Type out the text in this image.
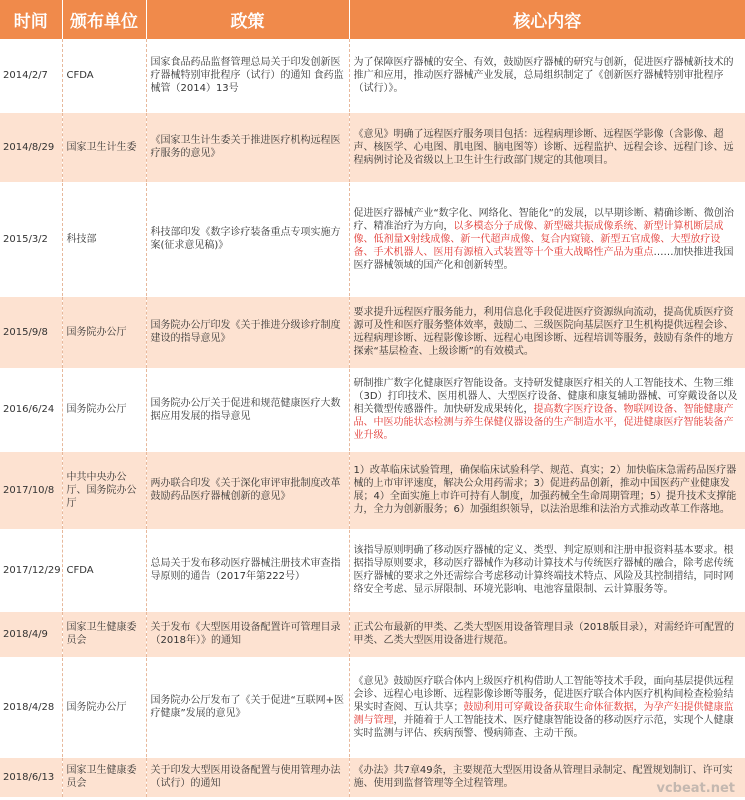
时间	颁布单位	政策	核心内容
2014/2/7	CFDA	国家食品药品监督管理总局关于印发创新医疗器械特别审批程序（试行）的通知 食药监械管（2014）13号	为了保障医疗器械的安全、有效，鼓励医疗器械的研究与创新，促进医疗器械新技术的推广和应用，推动医疗器械产业发展，总局组织制定了《创新医疗器械特别审批程序（试行）》。
2014/8/29	国家卫生计生委	《国家卫生计生委关于推进医疗机构远程医疗服务的意见》	《意见》明确了远程医疗服务项目包括：远程病理诊断、远程医学影像（含影像、超声、核医学、心电图、肌电图、脑电图等）诊断、远程监护、远程会诊、远程门诊、远程病例讨论及省级以上卫生计生行政部门规定的其他项目。
2015/3/2	科技部	科技部印发《数字诊疗装备重点专项实施方案(征求意见稿)》	促进医疗器械产业“数字化、网络化、智能化”的发展，以早期诊断、精确诊断、微创治疗、精准治疗为方向，以多模态分子成像、新型磁共振成像系统、新型计算机断层成像、低剂量X射线成像、新一代超声成像、复合内窥镜、新型五官成像、大型放疗设备、手术机器人、医用有源植入式装置等十个重大战略性产品为重点……加快推进我国医疗器械领域的国产化和创新转型。
2015/9/8	国务院办公厅	国务院办公厅印发《关于推进分级诊疗制度建设的指导意见》	要求提升远程医疗服务能力，利用信息化手段促进医疗资源纵向流动，提高优质医疗资源可及性和医疗服务整体效率，鼓励二、三级医院向基层医疗卫生机构提供远程会诊、远程病理诊断、远程影像诊断、远程心电图诊断、远程培训等服务，鼓励有条件的地方探索“基层检查、上级诊断”的有效模式。
2016/6/24	国务院办公厅	国务院办公厅关于促进和规范健康医疗大数据应用发展的指导意见	研制推广数字化健康医疗智能设备。支持研发健康医疗相关的人工智能技术、生物三维（3D）打印技术、医用机器人、大型医疗设备、健康和康复辅助器械、可穿戴设备以及相关微型传感器件。加快研发成果转化，提高数字医疗设备、物联网设备、智能健康产品、中医功能状态检测与养生保健仪器设备的生产制造水平，促进健康医疗智能装备产业升级。
2017/10/8	中共中央办公厅、国务院办公厅	两办联合印发《关于深化审评审批制度改革鼓励药品医疗器械创新的意见》	1）改革临床试验管理，确保临床试验科学、规范、真实；2）加快临床急需药品医疗器械的上市审评速度，解决公众用药需求；3）促进药品创新，推动中国医药产业健康发展；4）全面实施上市许可持有人制度，加强药械全生命周期管理；5）提升技术支撑能力，全力为创新服务；6）加强组织领导，以法治思维和法治方式推动改革工作落地。
2017/12/29	CFDA	总局关于发布移动医疗器械注册技术审查指导原则的通告（2017年第222号）	该指导原则明确了移动医疗器械的定义、类型、判定原则和注册申报资料基本要求。根据指导原则要求，移动医疗器械作为移动计算技术与传统医疗器械的融合，除考虑传统医疗器械的要求之外还需综合考虑移动计算终端技术特点、风险及其控制措结，同时网络安全考虑、显示屏限制、环境光影响、电池容量限制、云计算服务等。
2018/4/9	国家卫生健康委员会	关于发布《大型医用设备配置许可管理目录（2018年）》的通知	正式公布最新的甲类、乙类大型医用设备管理目录（2018版目录），对需经许可配置的甲类、乙类大型医用设备进行规范。
2018/4/28	国务院办公厅	国务院办公厅发布了《关于促进“互联网+医疗健康”发展的意见》	《意见》鼓励医疗联合体内上级医疗机构借助人工智能等技术手段，面向基层提供远程会诊、远程心电诊断、远程影像诊断等服务，促进医疗联合体内医疗机构间检查检验结果实时查阅、互认共享；鼓励利用可穿戴设备获取生命体征数据，为孕产妇提供健康监测与管理，并随着于人工智能技术、医疗健康智能设备的移动医疗示范，实现个人健康实时监测与评估、疾病预警、慢病筛查、主动干预。
2018/6/13	国家卫生健康委员会	关于印发大型医用设备配置与使用管理办法（试行）的通知	《办法》共7章49条，主要规范大型医用设备从管理目录制定、配置规划制订、许可实施、使用到监督管理等全过程管理。	vcbeat.net
